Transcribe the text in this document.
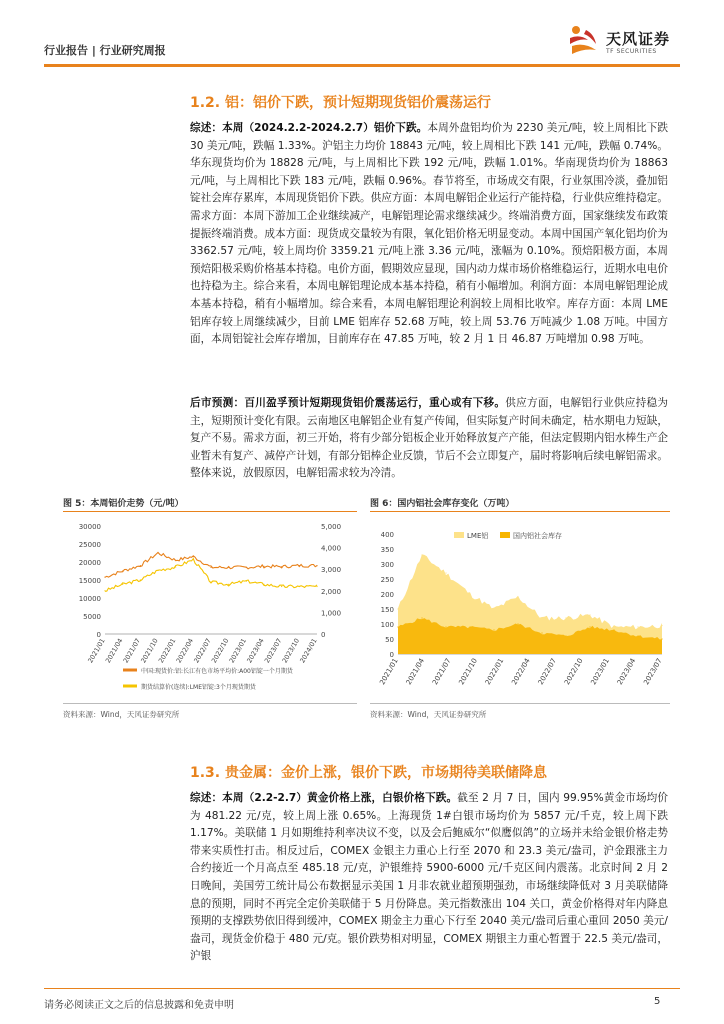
行业报告 | 行业研究周报
天风证券
TF SECURITIES
1.2. 铝：铝价下跌，预计短期现货铝价震荡运行
综述：本周（2024.2.2-2024.2.7）铝价下跌。本周外盘铝均价为 2230 美元/吨，较上周相比下跌 30 美元/吨，跌幅 1.33%。沪铝主力均价 18843 元/吨，较上周相比下跌 141 元/吨，跌幅 0.74%。华东现货均价为 18828 元/吨，与上周相比下跌 192 元/吨，跌幅 1.01%。华南现货均价为 18863 元/吨，与上周相比下跌 183 元/吨，跌幅 0.96%。春节将至，市场成交有限，行业氛围冷淡，叠加铝锭社会库存累库，本周现货铝价下跌。供应方面：本周电解铝企业运行产能持稳，行业供应维持稳定。需求方面：本周下游加工企业继续减产，电解铝理论需求继续减少。终端消费方面，国家继续发布政策提振终端消费。成本方面：现货成交量较为有限，氧化铝价格无明显变动。本周中国国产氧化铝均价为 3362.57 元/吨，较上周均价 3359.21 元/吨上涨 3.36 元/吨，涨幅为 0.10%。预焙阳极方面，本周预焙阳极采购价格基本持稳。电价方面，假期效应显现，国内动力煤市场价格维稳运行，近期水电电价也持稳为主。综合来看，本周电解铝理论成本基本持稳，稍有小幅增加。利润方面：本周电解铝理论成本基本持稳，稍有小幅增加。综合来看，本周电解铝理论利润较上周相比收窄。库存方面：本周 LME 铝库存较上周继续减少，目前 LME 铝库存 52.68 万吨，较上周 53.76 万吨减少 1.08 万吨。中国方面，本周铝锭社会库存增加，目前库存在 47.85 万吨，较 2 月 1 日 46.87 万吨增加 0.98 万吨。
后市预测：百川盈孚预计短期现货铝价震荡运行，重心或有下移。供应方面，电解铝行业供应持稳为主，短期预计变化有限。云南地区电解铝企业有复产传闻，但实际复产时间未确定，枯水期电力短缺，复产不易。需求方面，初三开始，将有少部分铝板企业开始释放复产产能，但法定假期内铝水棒生产企业暂未有复产、减停产计划，有部分铝棒企业反馈，节后不会立即复产，届时将影响后续电解铝需求。整体来说，放假原因，电解铝需求较为冷清。
图 5：本周铝价走势（元/吨）
0
5000
10000
15000
20000
25000
30000
0
1,000
2,000
3,000
4,000
5,000
2021/01
2021/04
2021/07
2021/10
2022/01
2022/04
2022/07
2022/10
2023/01
2023/04
2023/07
2023/10
2024/01
中国:现货价:铝:长江有色市场平均价:A00铝锭一个月期货
期货结算价(连续):LME铝锭:3个月现货期货
资料来源：Wind，天风证券研究所
图 6：国内铝社会库存变化（万吨）
0
50
100
150
200
250
300
350
400
2021/01 2021/04 2021/07 2021/10 2022/01 2022/04 2022/07 2022/10 2023/01 2023/04 2023/07
LME铝	国内铝社会库存
资料来源：Wind，天风证券研究所
1.3. 贵金属：金价上涨，银价下跌，市场期待美联储降息
综述：本周（2.2-2.7）黄金价格上涨，白银价格下跌。截至 2 月 7 日，国内 99.95%黄金市场均价为 481.22 元/克，较上周上涨 0.65%。上海现货 1#白银市场均价为 5857 元/千克，较上周下跌 1.17%。美联储 1 月如期维持利率决议不变，以及会后鲍威尔“似鹰似鸽”的立场并未给金银价格走势带来实质性打击。相反过后，COMEX 金银主力重心上行至 2070 和 23.3 美元/盎司，沪金跟涨主力合约接近一个月高点至 485.18 元/克，沪银维持 5900-6000 元/千克区间内震荡。北京时间 2 月 2 日晚间，美国劳工统计局公布数据显示美国 1 月非农就业超预期强劲，市场继续降低对 3 月美联储降息的预期，同时不再完全定价美联储于 5 月份降息。美元指数涨出 104 关口，黄金价格得对年内降息预期的支撑跌势依旧得到缓冲，COMEX 期金主力重心下行至 2040 美元/盎司后重心重回 2050 美元/盎司，现货金价稳于 480 元/克。银价跌势相对明显，COMEX 期银主力重心暂置于 22.5 美元/盎司，沪银
请务必阅读正文之后的信息披露和免责申明	5
